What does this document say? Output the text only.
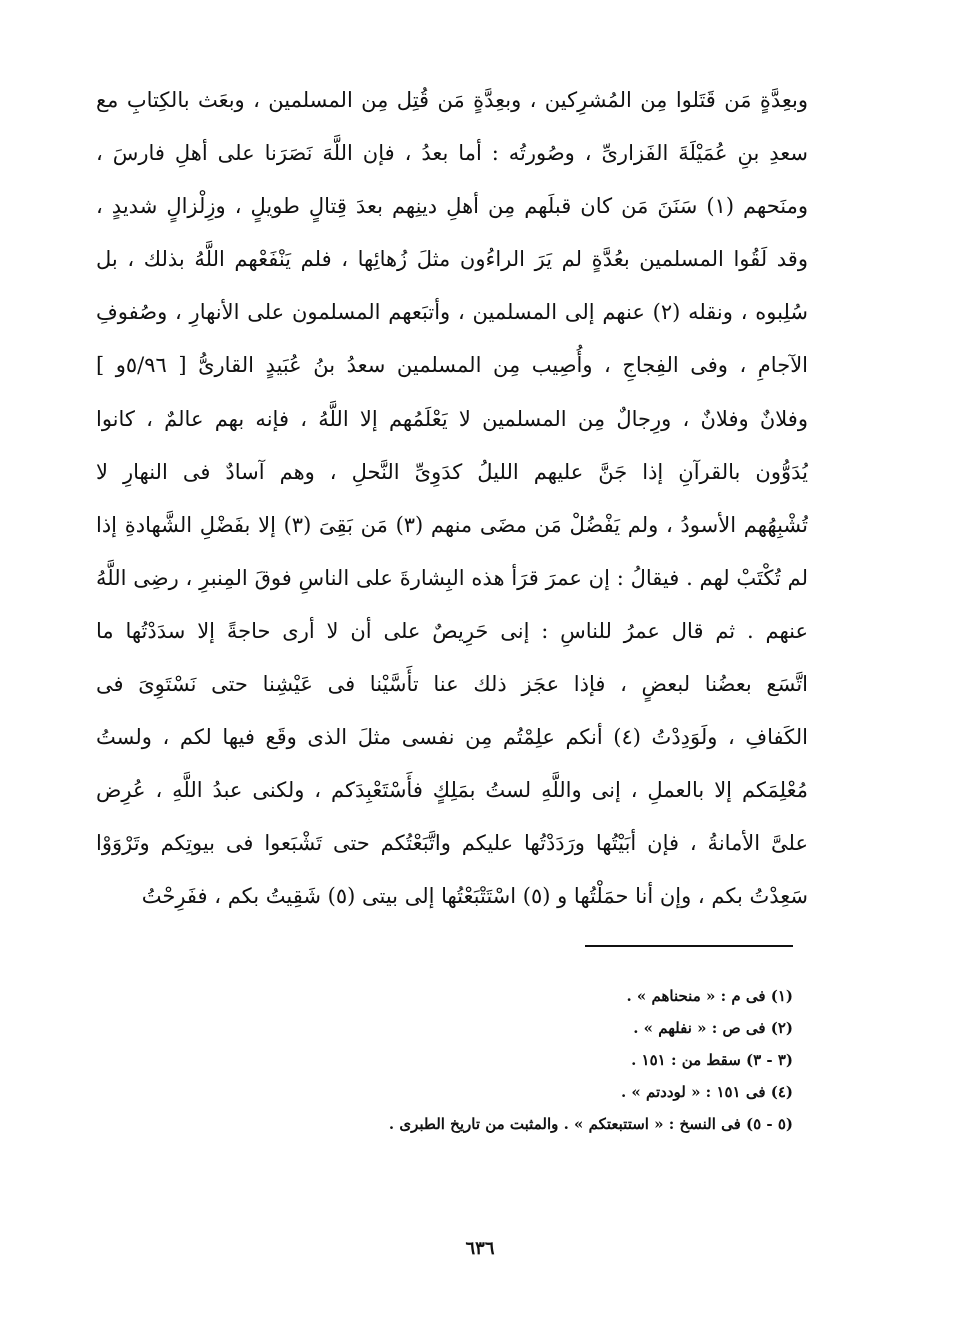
وبعِدَّةٍ مَن قَتَلوا مِن المُشرِكين ، وبعِدَّةٍ مَن قُتِل مِن المسلمين ، وبعَث بالكِتابِ مع
سعدِ بنِ عُمَيْلَةَ الفَزارىِّ ، وصُورتُه : أما بعدُ ، فإن اللَّهَ نَصَرَنا على أهلِ فارسَ ،
ومنَحهم (١) سَنَنَ مَن كان قبلَهم مِن أهلِ دينِهم بعدَ قِتالٍ طويلٍ ، وزِلْزالٍ شديدٍ ،
وقد لَقُوا المسلمين بعُدَّةٍ لم يَرَ الراءُون مثلَ زُهائِها ، فلم يَنْفَعْهم اللَّهُ بذلك ، بل
سُلِبوه ، ونقله (٢) عنهم إلى المسلمين ، وأتبَعهم المسلمون على الأنهارِ ، وصُفوفِ
الآجامِ ، وفى الفِجاجِ ، وأُصِيب مِن المسلمين سعدُ بنُ عُبَيدٍ القارىُّ [ ٥/٩٦و ]
وفلانٌ وفلانٌ ، ورِجالٌ مِن المسلمين لا يَعْلَمُهم إلا اللَّهُ ، فإنه بهم عالمٌ ، كانوا
يُدَوُّون بالقرآنِ إذا جَنَّ عليهم الليلُ كدَوِىِّ النَّحلِ ، وهم آسادٌ فى النهارِ لا
تُشْبِهُهم الأسودُ ، ولم يَفْضُلْ مَن مضَى منهم (٣) مَن بَقِىَ (٣) إلا بفَضْلِ الشَّهادةِ إذا
لم تُكْتَبْ لهم . فيقالُ : إن عمرَ قرَأ هذه البِشارةَ على الناسِ فوقَ المِنبرِ ، رضِى اللَّهُ
عنهم . ثم قال عمرُ للناسِ : إنى حَرِيصٌ على أن لا أرى حاجةً إلا سدَدْتُها ما
اتَّسَع بعضُنا لبعضٍ ، فإذا عجَز ذلك عنا تأَسَّيْنا فى عَيْشِنا حتى نَسْتَوِىَ فى
الكَفافِ ، ولَوَدِدْتُ (٤) أنكم علِمْتُم مِن نفسى مثلَ الذى وقَع فيها لكم ، ولستُ
مُعْلِمَكم إلا بالعملِ ، إنى واللَّهِ لستُ بمَلِكٍ فأَسْتَعْبِدَكم ، ولكنى عبدُ اللَّهِ ، عُرِض
علىَّ الأمانةُ ، فإن أبَيْتُها ورَدَدْتُها عليكم واتَّبَعْتُكم حتى تَشْبَعوا فى بيوتِكم وتَرْوَوْا
سَعِدْتُ بكم ، وإن أنا حمَلْتُها و (٥) اسْتَتْبَعْتُها إلى بيتى (٥) شَقِيتُ بكم ، ففَرِحْتُ
(١) فى م : « منحناهم » .
(٢) فى ص : « نفلهم » .
(٣ - ٣) سقط من : ١٥١ .
(٤) فى ١٥١ : « لوددتم » .
(٥ - ٥) فى النسخ : « استتبعتكم » . والمثبت من تاريخ الطبرى .
٦٣٦
